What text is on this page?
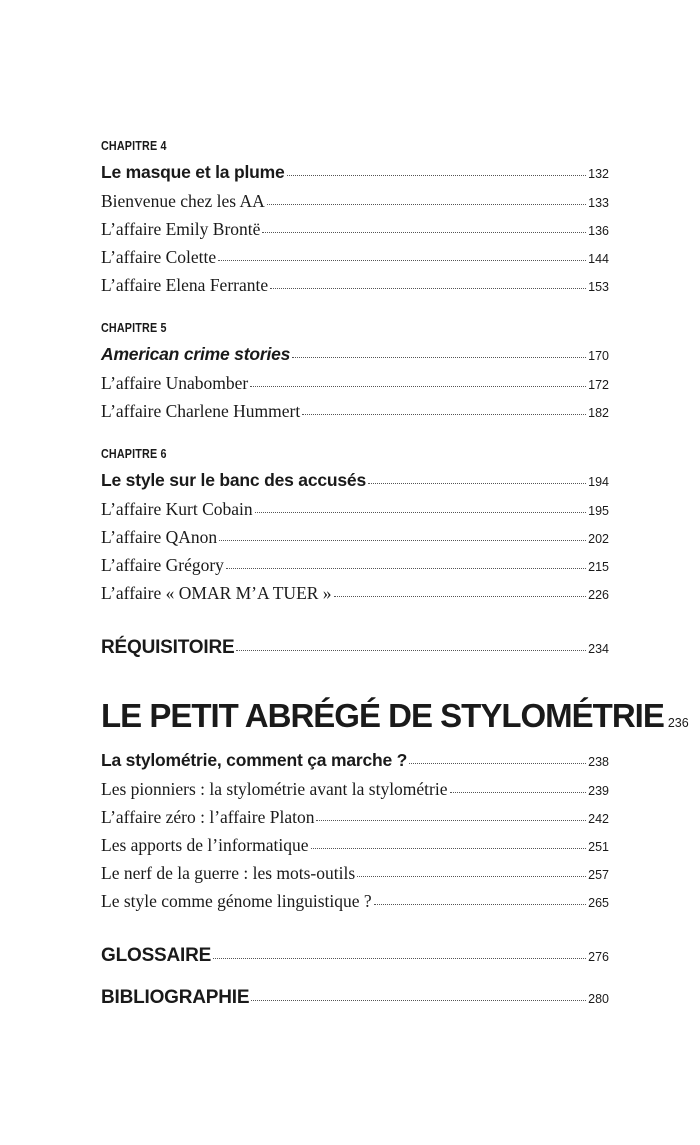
CHAPITRE 4
Le masque et la plume	132
Bienvenue chez les AA	133
L’affaire Emily Brontë	136
L’affaire Colette	144
L’affaire Elena Ferrante	153
CHAPITRE 5
American crime stories	170
L’affaire Unabomber	172
L’affaire Charlene Hummert	182
CHAPITRE 6
Le style sur le banc des accusés	194
L’affaire Kurt Cobain	195
L’affaire QAnon	202
L’affaire Grégory	215
L’affaire « OMAR M’A TUER »	226
RÉQUISITOIRE	234
LE PETIT ABRÉGÉ DE STYLOMÉTRIE 236
La stylométrie, comment ça marche ?	238
Les pionniers : la stylométrie avant la stylométrie	239
L’affaire zéro : l’affaire Platon	242
Les apports de l’informatique	251
Le nerf de la guerre : les mots-outils	257
Le style comme génome linguistique ?	265
GLOSSAIRE	276
BIBLIOGRAPHIE	280
